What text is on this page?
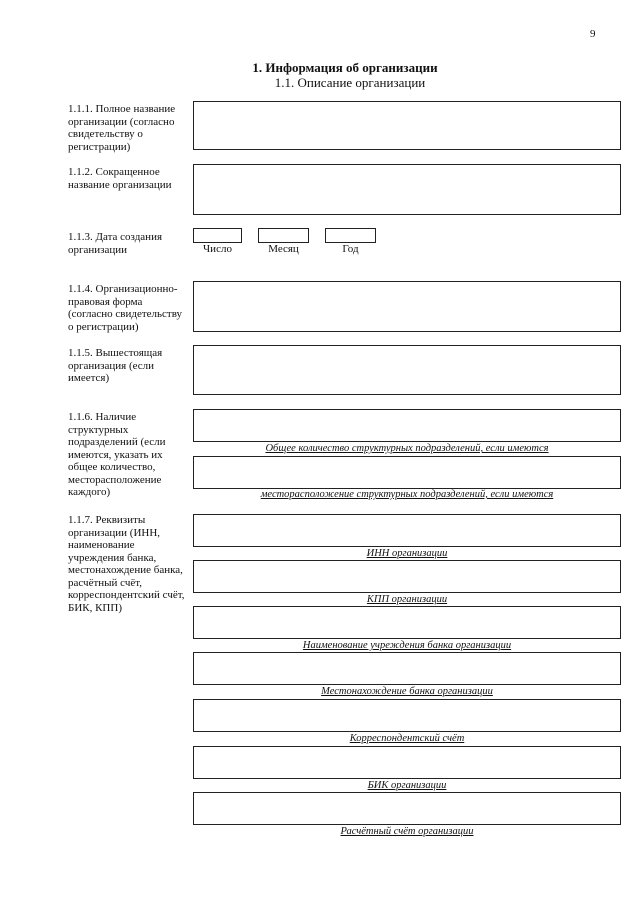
9
1. Информация об организации
1.1. Описание организации
1.1.1. Полное название организации (согласно свидетельству о регистрации)
1.1.2. Сокращенное название организации
1.1.3. Дата создания организации	Число	Месяц	Год
1.1.4. Организационно-правовая форма (согласно свидетельству о регистрации)
1.1.5. Вышестоящая организация (если имеется)
1.1.6. Наличие структурных подразделений (если имеются, указать их общее количество, месторасположение каждого)
Общее количество структурных подразделений, если имеются
месторасположение структурных подразделений, если имеются
1.1.7. Реквизиты организации (ИНН, наименование учреждения банка, местонахождение банка, расчётный счёт, корреспондентский счёт, БИК, КПП)
ИНН организации
КПП организации
Наименование учреждения банка организации
Местонахождение банка организации
Корреспондентский счёт
БИК организации
Расчётный счёт организации
